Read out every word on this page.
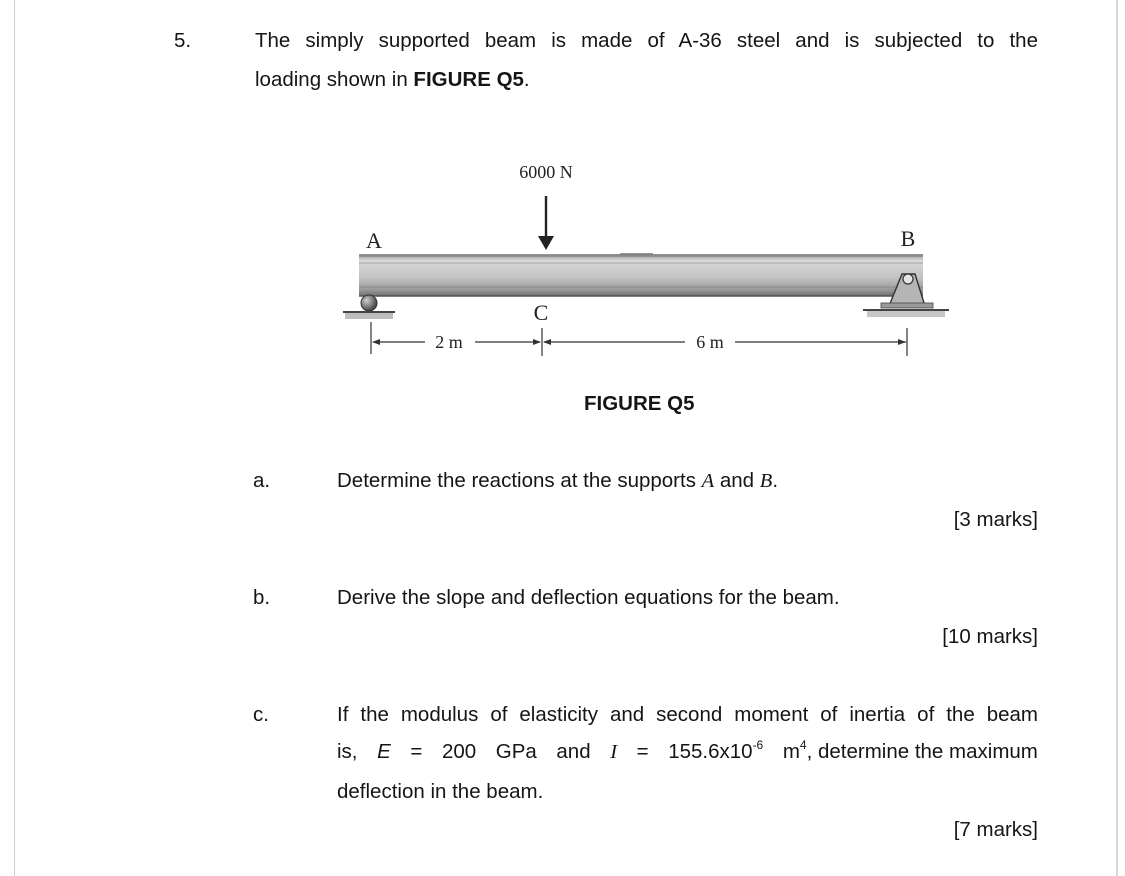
5.	The simply supported beam is made of A-36 steel and is subjected to the
loading shown in FIGURE Q5.
6000 N
A	B
C
2 m	6 m
FIGURE Q5
a.	Determine the reactions at the supports A and B.
[3 marks]
b.	Derive the slope and deflection equations for the beam.
[10 marks]
c.	If the modulus of elasticity and second moment of inertia of the beam
is, E = 200 GPa and $I = 155.6x10^{-6}$ $m^4$, determine the maximum
deflection in the beam.
[7 marks]
